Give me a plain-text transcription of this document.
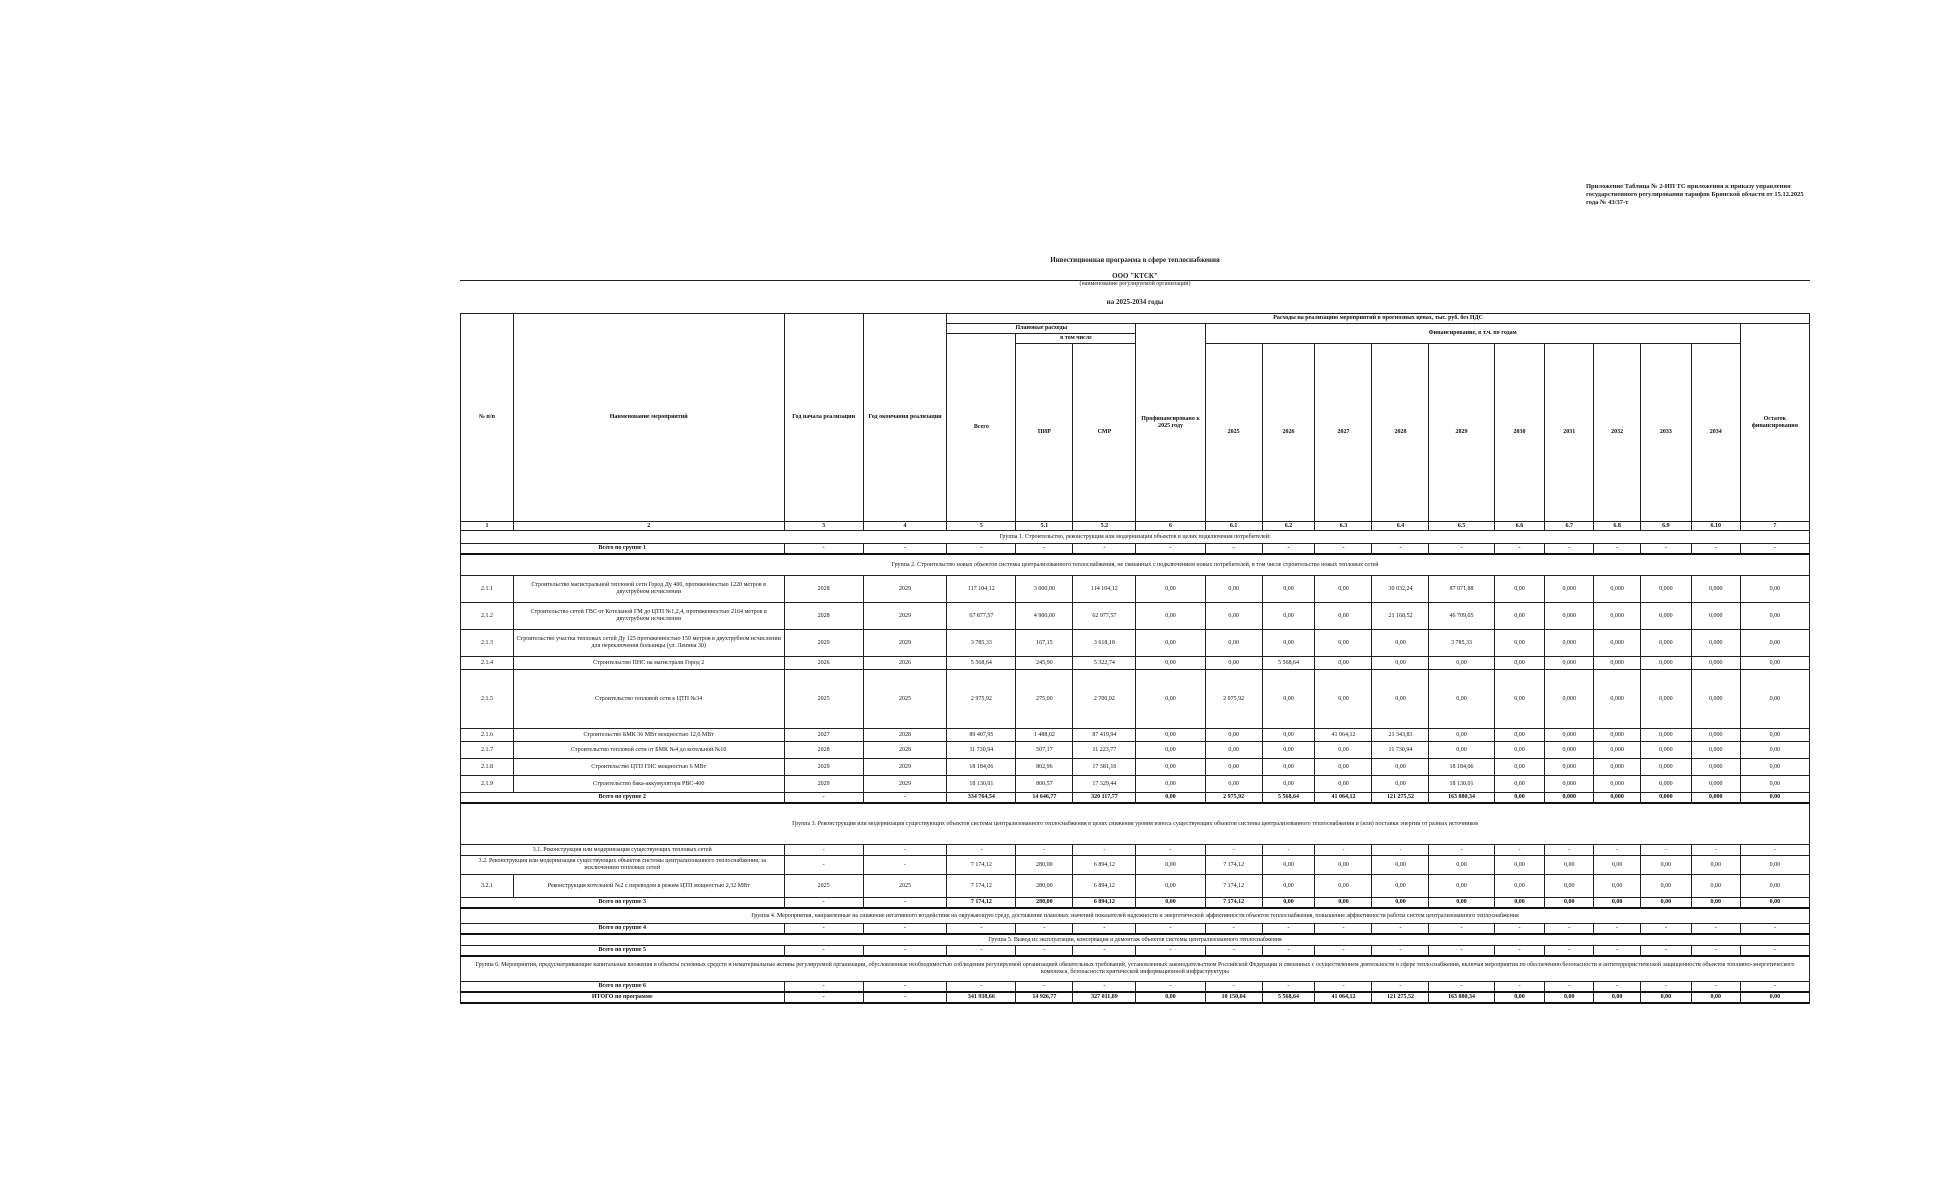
Приложение Таблица № 2-ИП ТС приложения к приказу управления государственного регулирования тарифов Брянской области от 15.12.2025 года № 43/37-т
Инвестиционная программа в сфере теплоснабжения
ООО "КТСК"
(наименование регулируемой организации)
на 2025-2034 годы
№ п/п	Наименование мероприятий	Год начала реализации	Год окончания реализации	Расходы на реализацию мероприятий в прогнозных ценах, тыс. руб. без НДС														
				Плановые расходы			Профинансировано к 2025 году	Финансирование, в т.ч. по годам										Остаток финансирования
				Всего	в том числе													
					ПИР	СМР		2025	2026	2027	2028	2029	2030	2031	2032	2033	2034	
1	2	3	4	5	5.1	5.2	6	6.1	6.2	6.3	6.4	6.5	6.6	6.7	6.8	6.9	6.10	7
Группа 1. Строительство, реконструкция или модернизация объектов в целях подключения потребителей:																		
Всего по группе 1		-	-	-	-	-	-	-	-	-	-	-	-	-	-	-	-	-
Группа 2. Строительство новых объектов системы централизованного теплоснабжения, не связанных с подключением новых потребителей, в том числе строительство новых тепловых сетей																		
2.1.1	Строительство магистральной тепловой сети Город Ду 400, протяженностью 1220 метров в двухтрубном исчислении	2028	2029	117 104,12	3 000,00	114 104,12	0,00	0,00	0,00	0,00	30 032,24	87 071,88	0,00	0,000	0,000	0,000	0,000	0,00
2.1.2	Строительство сетей ГВС от Котельной ГМ до ЦТП №1,2,4, протяженностью 2164 метров в двухтрубном исчислении	2028	2029	67 877,57	4 900,00	62 977,57	0,00	0,00	0,00	0,00	21 168,52	46 709,05	0,00	0,000	0,000	0,000	0,000	0,00
2.1.3	Строительство участка тепловых сетей Ду 125 протяженностью 150 метров в двухтрубном исчислении для переключения больницы (ул. Ленина 30)	2029	2029	3 785,33	167,15	3 618,18	0,00	0,00	0,00	0,00	0,00	3 785,33	0,00	0,000	0,000	0,000	0,000	0,00
2.1.4	Строительство ПНС на магистрали Город 2	2026	2026	5 568,64	245,90	5 322,74	0,00	0,00	5 568,64	0,00	0,00	0,00	0,00	0,000	0,000	0,000	0,000	0,00
2.1.5	Строительство тепловой сети к ЦТП №34	2025	2025	2 975,92	275,00	2 700,92	0,00	2 975,92	0,00	0,00	0,00	0,00	0,00	0,000	0,000	0,000	0,000	0,00
2.1.6	Строительство БМК 36 МВт мощностью 12,0 МВт	2027	2028	89 407,95	1 488,02	87 419,94	0,00	0,00	0,00	41 064,12	21 343,83	0,00	0,00	0,000	0,000	0,000	0,000	0,00
2.1.7	Строительство тепловой сети от БМК №4 до котельной №10	2028	2028	11 730,94	507,17	11 223,77	0,00	0,00	0,00	0,00	11 730,94	0,00	0,00	0,000	0,000	0,000	0,000	0,00
2.1.8	Строительство ЦТП ГНС мощностью 6 МВт	2029	2029	18 184,06	802,96	17 381,10	0,00	0,00	0,00	0,00	0,00	18 184,06	0,00	0,000	0,000	0,000	0,000	0,00
2.1.9	Строительство бака-аккумулятора РВС-400	2029	2029	18 130,01	800,57	17 329,44	0,00	0,00	0,00	0,00	0,00	18 130,01	0,00	0,000	0,000	0,000	0,000	0,00
Всего по группе 2		-	-	334 764,54	14 646,77	320 117,77	0,00	2 975,92	5 568,64	41 064,12	121 275,52	163 880,34	0,00	0,000	0,000	0,000	0,000	0,00
Группа 3. Реконструкция или модернизация существующих объектов системы централизованного теплоснабжения в целях снижения уровня износа существующих объектов системы централизованного теплоснабжения и (или) поставки энергии от разных источников																		
3.1. Реконструкция или модернизация существующих тепловых сетей		-	-	-	-	-	-	-	-	-	-	-	-	-	-	-	-	-
3.2. Реконструкция или модернизация существующих объектов системы централизованного теплоснабжения, за исключением тепловых сетей		-	-	7 174,12	280,00	6 894,12	0,00	7 174,12	0,00	0,00	0,00	0,00	0,00	0,00	0,00	0,00	0,00	0,00
3.2.1	Реконструкция котельной №2 с переводом в режим ЦТП мощностью 2,32 МВт	2025	2025	7 174,12	280,00	6 894,12	0,00	7 174,12	0,00	0,00	0,00	0,00	0,00	0,00	0,00	0,00	0,00	0,00
Всего по группе 3		-	-	7 174,12	280,00	6 894,12	0,00	7 174,12	0,00	0,00	0,00	0,00	0,00	0,00	0,00	0,00	0,00	0,00
Группа 4. Мероприятия, направленные на снижение негативного воздействия на окружающую среду, достижение плановых значений показателей надежности и энергетической эффективности объектов теплоснабжения, повышение эффективности работы систем централизованного теплоснабжения																		
Всего по группе 4		-	-	-	-	-	-	-	-	-	-	-	-	-	-	-	-	-
Группа 5. Вывод из эксплуатации, консервация и демонтаж объектов системы централизованного теплоснабжения																		
Всего по группе 5		-	-	-	-	-	-	-	-	-	-	-	-	-	-	-	-	-
Группа 6. Мероприятия, предусматривающие капитальные вложения в объекты основных средств и нематериальные активы регулируемой организации, обусловленные необходимостью соблюдения регулируемой организацией обязательных требований, установленных законодательством Российской Федерации и связанных с осуществлением деятельности в сфере теплоснабжения, включая мероприятия по обеспечению безопасности и антитеррористической защищенности объектов топливно-энергетического комплекса, безопасности критической информационной инфраструктуры																		
Всего по группе 6		-	-	-	-	-	-	-	-	-	-	-	-	-	-	-	-	-
ИТОГО по программе		-	-	341 938,66	14 926,77	327 011,89	0,00	10 150,04	5 568,64	41 064,12	121 275,52	163 880,34	0,00	0,00	0,00	0,00	0,00	0,00
